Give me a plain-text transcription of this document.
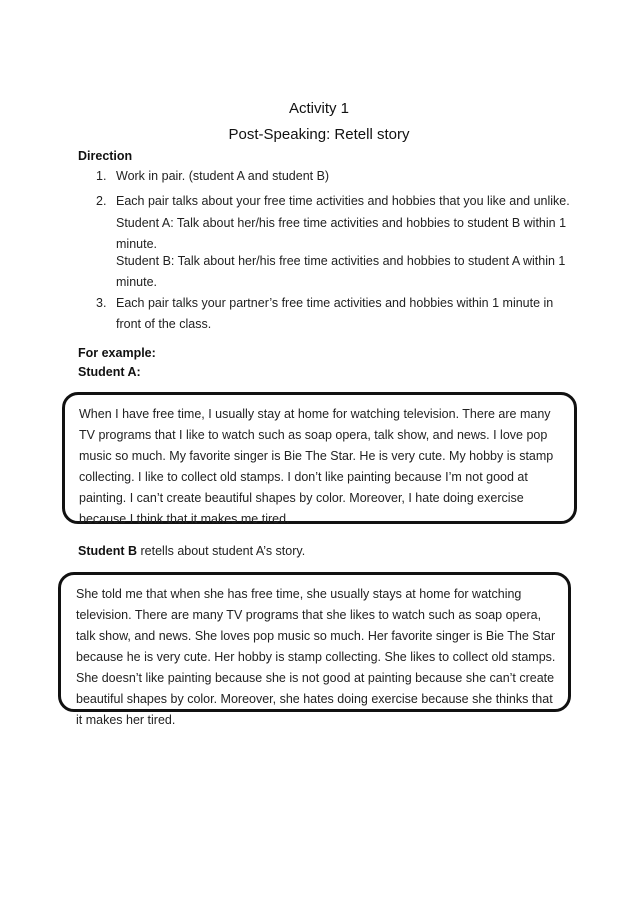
Activity 1
Post-Speaking: Retell story
Direction
1. Work in pair. (student A and student B)

2. Each pair talks about your free time activities and hobbies that you like and unlike.

Student A: Talk about her/his free time activities and hobbies to student B within 1 minute.

Student B: Talk about her/his free time activities and hobbies to student A within 1 minute.

3. Each pair talks your partner’s free time activities and hobbies within 1 minute in front of the class.

For example:
Student A:
When I have free time, I usually stay at home for watching television. There are many TV programs that I like to watch such as soap opera, talk show, and news. I love pop music so much. My favorite singer is Bie The Star. He is very cute. My hobby is stamp collecting. I like to collect old stamps. I don’t like painting because I’m not good at painting. I can’t create beautiful shapes by color. Moreover, I hate doing exercise because I think that it makes me tired.
Student B retells about student A’s story.
She told me that when she has free time, she usually stays at home for watching television. There are many TV programs that she likes to watch such as soap opera, talk show, and news. She loves pop music so much. Her favorite singer is Bie The Star because he is very cute. Her hobby is stamp collecting. She likes to collect old stamps. She doesn’t like painting because she is not good at painting because she can’t create beautiful shapes by color. Moreover, she hates doing exercise because she thinks that it makes her tired.
